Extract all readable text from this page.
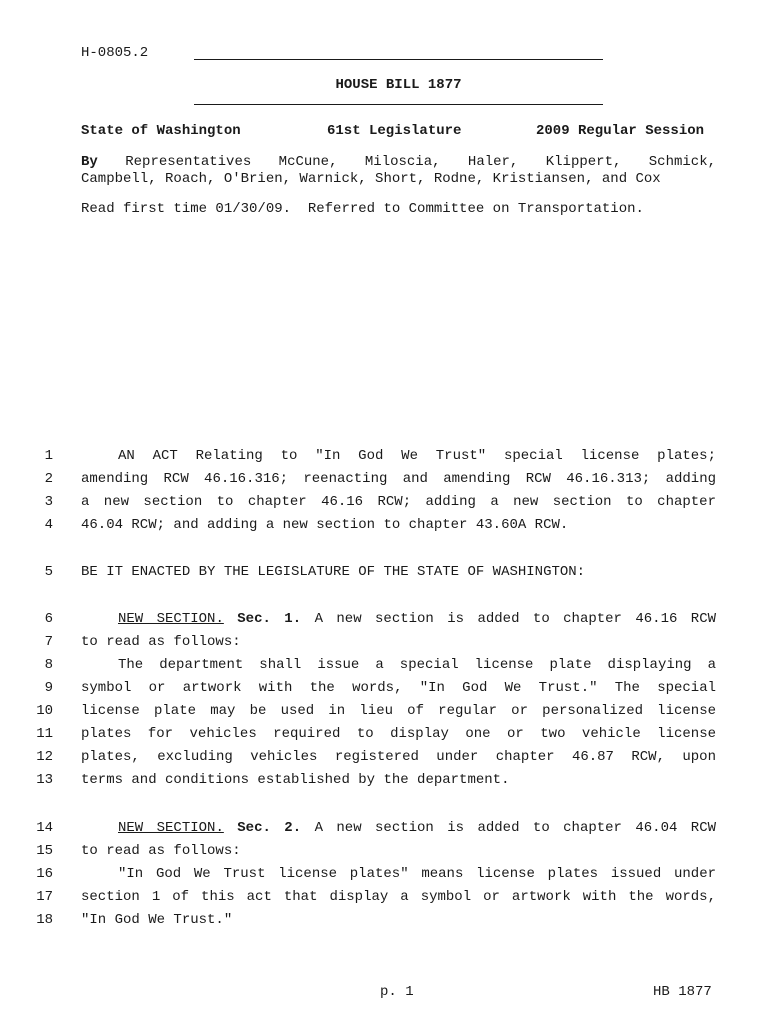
H-0805.2
HOUSE BILL 1877
State of Washington	61st Legislature	2009 Regular Session
By Representatives McCune, Miloscia, Haler, Klippert, Schmick,
Campbell, Roach, O'Brien, Warnick, Short, Rodne, Kristiansen, and Cox
Read first time 01/30/09.  Referred to Committee on Transportation.
1	AN ACT Relating to "In God We Trust" special license plates;
2 amending RCW 46.16.316; reenacting and amending RCW 46.16.313; adding
3 a new section to chapter 46.16 RCW; adding a new section to chapter
4 46.04 RCW; and adding a new section to chapter 43.60A RCW.
5 BE IT ENACTED BY THE LEGISLATURE OF THE STATE OF WASHINGTON:
6	NEW SECTION. Sec. 1. A new section is added to chapter 46.16 RCW
7 to read as follows:
8	The department shall issue a special license plate displaying a
9 symbol or artwork with the words, "In God We Trust." The special
10 license plate may be used in lieu of regular or personalized license
11 plates for vehicles required to display one or two vehicle license
12 plates, excluding vehicles registered under chapter 46.87 RCW, upon
13 terms and conditions established by the department.
14	NEW SECTION. Sec. 2. A new section is added to chapter 46.04 RCW
15 to read as follows:
16	"In God We Trust license plates" means license plates issued under
17 section 1 of this act that display a symbol or artwork with the words,
18 "In God We Trust."
p. 1	HB 1877
